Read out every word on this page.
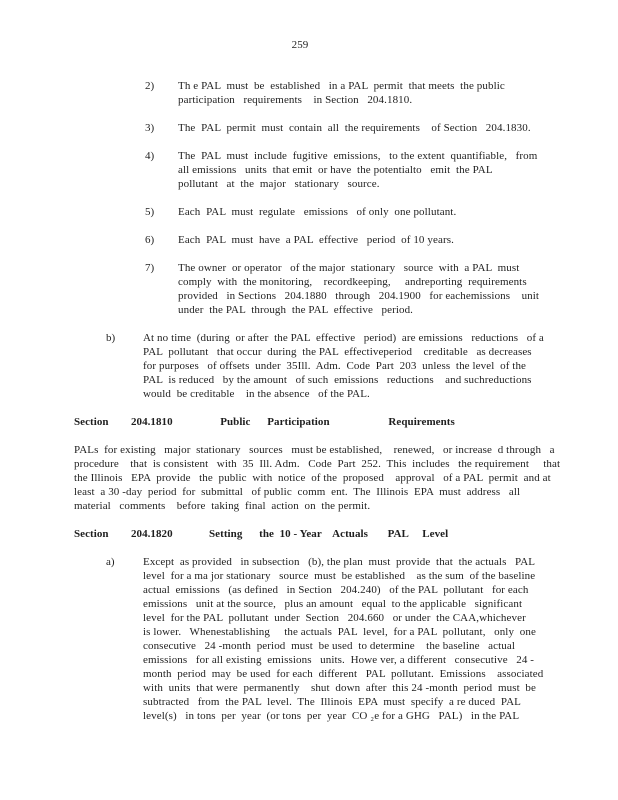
259
2) Th e PAL  must  be  established   in a PAL  permit  that meets  the public
participation   requirements    in Section   204.1810.
3) The  PAL  permit  must  contain  all  the requirements    of Section   204.1830.
4) The  PAL  must  include  fugitive  emissions,   to the extent  quantifiable,   from
all emissions   units  that emit  or have  the potentialto   emit  the PAL
pollutant   at  the  major   stationary   source.
5) Each  PAL  must  regulate   emissions   of only  one pollutant.
6) Each  PAL  must  have  a PAL  effective   period  of 10 years.
7) The owner  or operator   of the major  stationary   source  with  a PAL  must
comply  with  the monitoring,    recordkeeping,     andreporting  requirements
provided   in Sections   204.1880   through   204.1900   for eachemissions    unit
under  the PAL  through  the PAL  effective   period.
b)	At no time  (during  or after  the PAL  effective   period)  are emissions   reductions   of a
PAL  pollutant   that occur  during  the PAL  effectiveperiod    creditable   as decreases
for purposes   of offsets  under  35Ill.  Adm.  Code  Part  203  unless  the level  of the
PAL  is reduced   by the amount   of such  emissions   reductions    and suchreductions
would  be creditable    in the absence   of the PAL.
Section        204.1810                 Public      Participation                     Requirements
PALs  for existing   major  stationary   sources   must be established,    renewed,   or increase  d through   a
procedure    that  is consistent   with  35  Ill. Adm.   Code  Part  252.  This  includes   the requirement     that
the Illinois   EPA  provide   the  public  with  notice  of the  proposed    approval   of a PAL  permit  and at
least  a 30 -day  period  for  submittal   of public  comm  ent.  The  Illinois  EPA  must  address   all
material   comments    before  taking  final  action  on  the permit.
Section        204.1820             Setting      the  10 - Year    Actuals       PAL     Level
a)	Except  as provided   in subsection   (b), the plan  must  provide  that  the actuals   PAL
level  for a ma jor stationary   source  must  be established    as the sum  of the baseline
actual  emissions   (as defined   in Section   204.240)   of the PAL  pollutant   for each
emissions   unit at the source,   plus an amount   equal  to the applicable   significant
level  for the PAL  pollutant  under  Section   204.660   or under  the CAA,whichever
is lower.   Whenestablishing     the actuals  PAL  level,  for a PAL  pollutant,   only  one
consecutive   24 -month  period  must  be used  to determine    the baseline   actual
emissions   for all existing  emissions   units.  Howe ver, a different   consecutive   24 -
month  period  may  be used  for each  different   PAL  pollutant.  Emissions    associated
with  units  that were  permanently    shut  down  after  this 24 -month  period  must  be
subtracted   from  the PAL  level.  The  Illinois  EPA  must  specify  a re duced  PAL
level(s)   in tons  per  year  (or tons  per  year  CO ₂e for a GHG   PAL)   in the PAL
